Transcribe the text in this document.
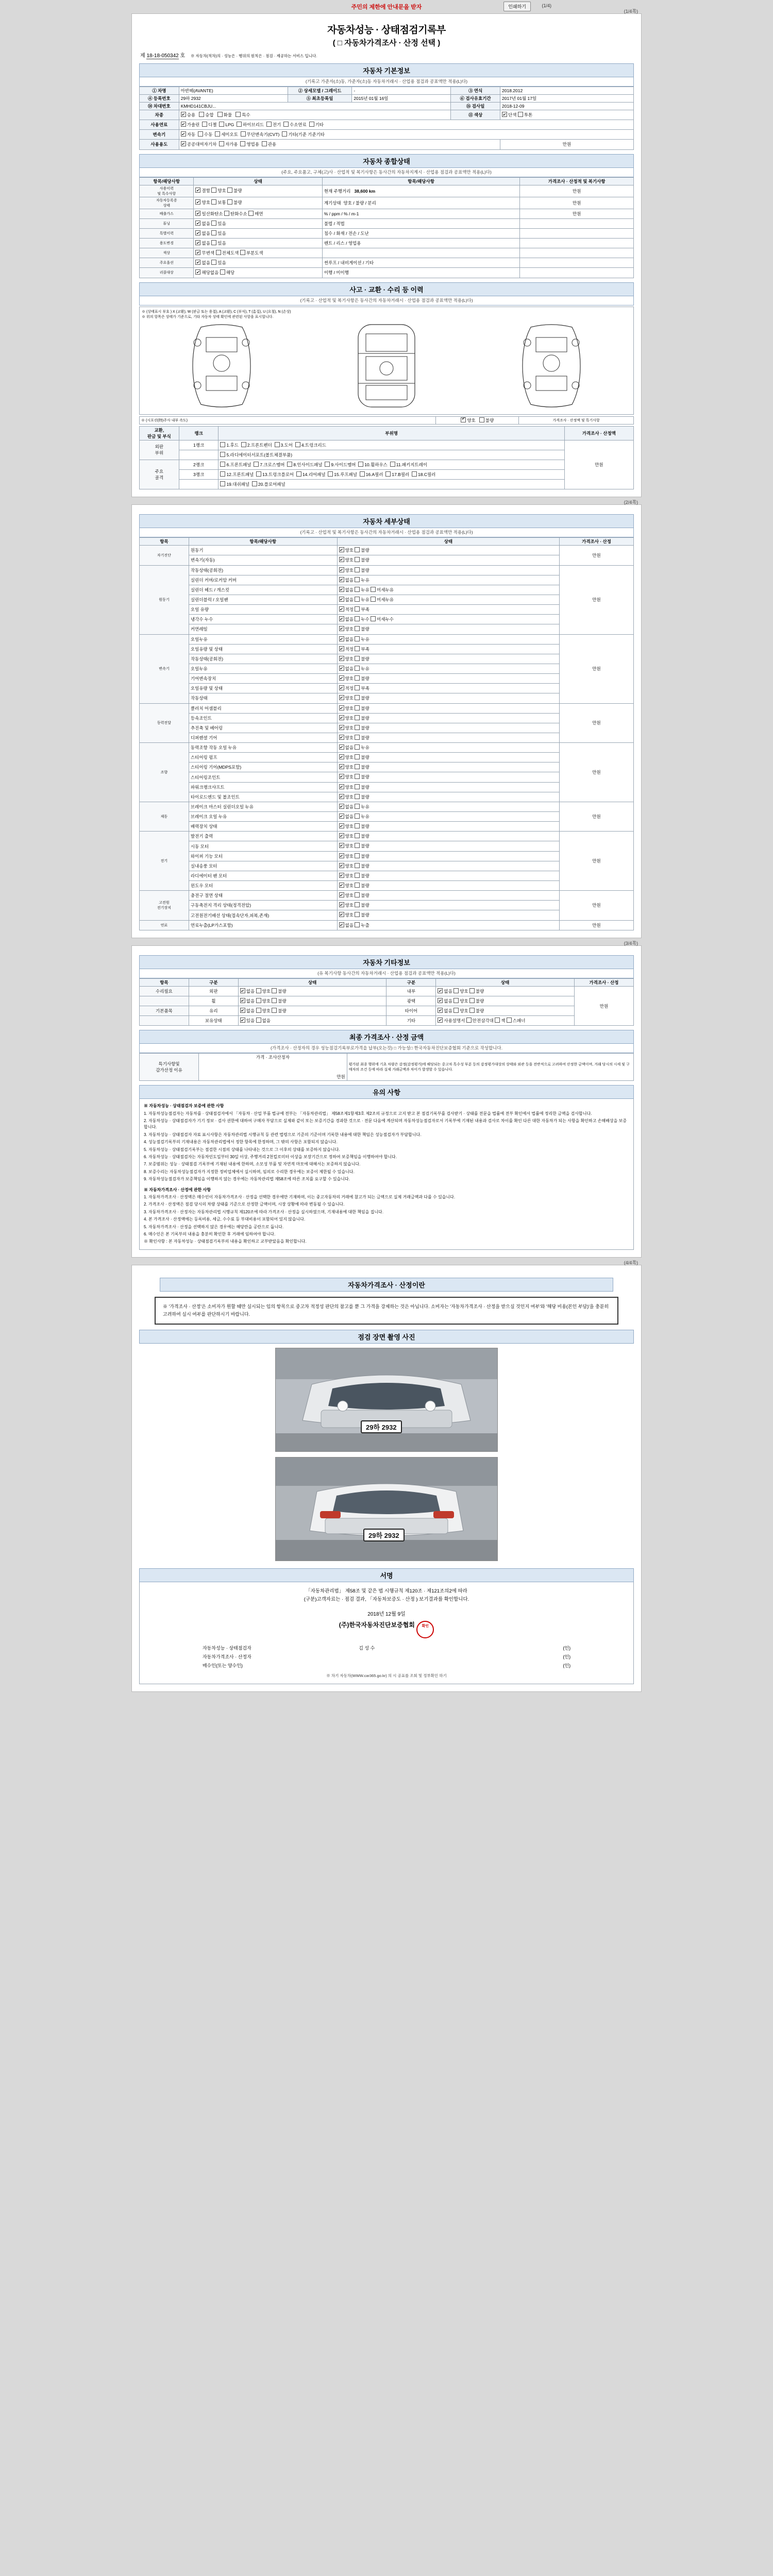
주민의 제한에 안내문을 받자	인쇄하기	(1/4)
(1/4쪽)
자동차성능 · 상태점검기록부
( □ 자동차가격조사 · 산정 선택 )
제 18-18-050342 호 ※ 자동차(적차)의 · 성능은 · 행위의 원칙은 · 점검 · 제공하는 서비스 입니다.
자동차 기본정보
(기록고 가준자(소)동, 가준자(소)동 자동차거래시 · 산업용 점검과 공표액만 적용(L)다)
① 차명	아반떼(AVANTE)	② 상세모델 / 그레이드	-	③ 연식	2018.2012
④ 등록번호	29하 2932	⑤ 최초등록일	2015년 01월 16일	⑥ 검사유효기간	2017년 01월 17일
⑭ 차대번호	KMHD141CBJU...			⑮ 검사일	2018-12-09
차종	✔승용 승합 화물 특수			⑪ 색상	✔단색 투톤
사용연료	✔가솔린 디젤 LPG 하이브리드 전기 수소연료 기타
변속기	✔자동 수동 세미오토 무단변속기(CVT) 기타(기준 기준기타
사용용도	✔공공대여자기차 자가용 영업용 관용				만원
자동차 종합상태
(주요, 주요품고, 구체(고)사 · 산업적 및 복기사항은 동사간의 자동차지계시 · 산업용 점검과 공표액만 적용(L)다)
항목/해당사항	상태	항목/해당사항	가격조사 · 산정적 및 복기사항
사용이력
및 특수사항	✔결함 양호 불량	현재 주행거리 38,600 km	만원
자동차등록증
상태	✔양호 보통 불량	계기상태 양호 / 불량 / 분리	만원
배출가스	✔일산화탄소 탄화수소 매연	% / ppm / % / m-1	만원
튜닝	✔없음 있음	불법 / 적법	
특별이력	✔없음 있음	침수 / 화재 / 전손 / 도난	
용도변경	✔없음 있음	렌트 / 리스 / 영업용	
색상	✔무변색 전체도색 부분도색		
주요옵션	✔없음 있음	썬루프 / 내비게이션 / 기타	
리콜대상	✔해당없음 해당	이행 / 미이행	
사고 · 교환 · 수리 등 이력
(기록고 · 산업적 및 복기사항은 동사간의 자동차거래시 · 산업용 점검과 공표액만 적용(L)다)
※ (상태표시 부호 ) X (교환), W (판금 또는 용접), A (교환), C (부식), T (흠집), U (요철), N (손상)
※ 위의 항목은 상태가 기준으로, 기타 자동차 상태 확인에 관련된 사항을 표시합니다.
※ (시포션(特)주사 내부 속도)	✔양호 불량	가격조사 · 산정액 및 특기사항
교환,
판금 및 부식	랭크	부위명	가격조사 · 산정액
외판
부위	1랭크	1.후드 2.프론트펜더 3.도어 4.트렁크리드	만원
		5.라디에이터서포트(볼트체결부품)	
주요
골격	2랭크	6.프론트패널 7.크로스멤버 8.인사이드패널 9.사이드멤버 10.휠하우스 11.패키지트레이	
	3랭크	12.프론트패널 13.트렁크플로어 14.리어패널 15.루프패널 16.A필러 17.B필러 18.C필러	
		19.대쉬패널 20.플로어패널	
(2/4쪽)
자동차 세부상태
(기록고 · 산업적 및 복기사항은 동사간의 자동차거래시 · 산업용 점검과 공표액만 적용(L)다)
항목	항목/해당사항	상태	가격조사 · 산정
자기진단	원동기	✔양호 불량	만원
	변속기(자동)	✔양호 불량
원동기	작동상태(공회전)	✔양호 불량	만원
	실린더 커버/로커암 커버	✔없음 누유
	실린더 헤드 / 개스킷	✔없음 누유 미세누유
	실린더블럭 / 오일팬	✔없음 누유 미세누유
	오일 유량	✔적정 부족
	냉각수 누수	✔없음 누수 미세누수
	커먼레일	✔양호 불량
변속기	오일누유	✔없음 누유	만원
	오일유량 및 상태	✔적정 부족
	작동상태(공회전)	✔양호 불량
	오일누유	✔없음 누유
	기어변속장치	✔양호 불량
	오일유량 및 상태	✔적정 부족
	작동상태	✔양호 불량
동력전달	클러치 어셈블리	✔양호 불량	만원
	등속조인트	✔양호 불량
	추진축 및 베어링	✔양호 불량
	디퍼렌셜 기어	✔양호 불량
조향	동력조향 작동 오일 누유	✔없음 누유	만원
	스티어링 펌프	✔양호 불량
	스티어링 기어(MDPS포함)	✔양호 불량
	스티어링조인트	✔양호 불량
	파워크랭크샤프트	✔양호 불량
	타이로드엔드 및 볼조인트	✔양호 불량
제동	브레이크 마스터 실린더오일 누유	✔없음 누유	만원
	브레이크 오일 누유	✔없음 누유
	배력장치 상태	✔양호 불량
전기	발전기 출력	✔양호 불량	만원
	시동 모터	✔양호 불량
	와이퍼 기능 모터	✔양호 불량
	실내송풍 모터	✔양호 불량
	라디에이터 팬 모터	✔양호 불량
	윈도우 모터	✔양호 불량
고전원
전기장치	충전구 절연 상태	✔양호 불량	만원
	구동축전지 격리 상태(정격전압)	✔양호 불량
	고전원전기배선 상태(접속단자,피복,존재)	✔양호 불량
연료	연료누출(LP가스포함)	✔없음 누출	만원
(3/4쪽)
자동차 기타정보
(유 복기사항 동사간의 자동차거래시 · 산업용 점검과 공표액만 적용(L)다)
항목	구분	상태	구분	상태	가격조사 · 산정
수리필요	외판	✔없음 양호 불량	내부	✔없음 양호 불량	만원
	휠	✔없음 양호 불량	광택	✔없음 양호 불량
기본품목	유리	✔없음 양호 불량	타이어	✔없음 양호 불량
	보유상태	✔있음 없음	기타	✔사용설명서 안전삼각대 잭 스패너
최종 가격조사 · 산정 금액
(가격조사 · 산정자의 경우 성능점검기록부로가격을 납부(오는것) □ 가능성□ 한국자동차진단보증협회 기준으로 작성합니다.
특기사항및
감가산정 이유	
가격 · 조사산정자
만원
	평가된 최종 행위에 기초 차량은 감정(감정평가)에 해당되는 중고차 특수성 부분 등의 감정평가대상의 상태와 외관 등을 전반적으로 고려하여 산정한 금액이며, 거래 당시의 시세 및 구매자의 조건 등에 따라 실제 거래금액과 차이가 발생할 수 있습니다.
유의 사항

※ 자동차성능 · 상태점검자 보증에 관한 사항

1. 자동차성능점검자는 자동차를 · 상태점검자에서 「자동차 · 산업 부품 법규에 전부는 「자동차관리법」 제58조제1항제3호 제2조의 규정으로 고지 받고 본 점검기록부를 검사받기 · 상태를 전문을 법률에 전부 확인에서 법률에 정리한 금액을 검사합니다.

2. 자동차성능 · 상태점검자가 기기 정보 · 검사 권한에 대하여 구매자 부담으로 실제와 같이 또는 보증기간을 경과한 것으로 · 전문 다음에 계산되며 자동차성능점검자로서 기록부에 기재된 내용과 검사로 차이를 확인 다른 대한 자동차가 되는 사항을 확인하고 손해배상을 보증합니다.

3. 자동차성능 · 상태점검자 자료 표시사항은 자동차관리법 시행규칙 등 관련 법령으로 기준의 기준이며 기록한 내용에 대한 책임은 성능점검자가 부담합니다.

4. 성능점검기록부의 기재내용은 자동차관리법에서 정한 항목에 한정하며, 그 밖의 사항은 포함되지 않습니다.

5. 자동차성능 · 상태점검기록부는 점검한 시점의 상태를 나타내는 것으로 그 이후의 상태를 보증하지 않습니다.

6. 자동차성능 · 상태점검자는 자동차인도일부터 30일 이상, 주행거리 2천킬로미터 이상을 보장기간으로 정하여 보증책임을 이행하여야 합니다.

7. 보증범위는 성능 · 상태점검 기록부에 기재된 내용에 한하며, 소모성 부품 및 자연적 마모에 대해서는 보증하지 않습니다.

8. 보증수리는 자동차성능점검자가 지정한 정비업체에서 실시하며, 임의로 수리한 경우에는 보증이 제한될 수 있습니다.

9. 자동차성능점검자가 보증책임을 이행하지 않는 경우에는 자동차관리법 제58조에 따른 조치를 요구할 수 있습니다.

※ 자동차가격조사 · 산정에 관한 사항

1. 자동차가격조사 · 산정액은 매수인이 자동차가격조사 · 산정을 선택한 경우에만 기재하며, 이는 중고자동차의 거래에 참고가 되는 금액으로 실제 거래금액과 다를 수 있습니다.

2. 가격조사 · 산정액은 점검 당시의 차량 상태를 기준으로 산정한 금액이며, 시장 상황에 따라 변동될 수 있습니다.

3. 자동차가격조사 · 산정자는 자동차관리법 시행규칙 제120조에 따라 가격조사 · 산정을 실시하였으며, 기재내용에 대한 책임을 집니다.

4. 본 가격조사 · 산정액에는 등록비용, 세금, 수수료 등 부대비용이 포함되어 있지 않습니다.

5. 자동차가격조사 · 산정을 선택하지 않은 경우에는 해당란을 공란으로 둡니다.

6. 매수인은 본 기록부의 내용을 충분히 확인한 후 거래에 임하여야 합니다.

※ 확인사항 : 본 자동차성능 · 상태점검기록부의 내용을 확인하고 교부받았음을 확인합니다.

(4/4쪽)
자동차가격조사 · 산정이란
※ '가격조사 · 산정'은 소비자가 원할 때만 실시되는 임의 항목으로 중고차 적정성 판단의 참고를 뿐 그 가격을 강제하는 것은 아닙니다. 소비자는 '자동차가격조사 · 산정을 받으실 것인지 여부'와 '해당 비용(본인 부담)'을 충분히 고려하여 실시 여부를 판단하시기 바랍니다.
점검 장면 촬영 사진
29하 2932
29하 2932
서명
「자동차관리법」 제58조 및 같은 법 시행규칙 제120조 · 제121조의2에 따라
(구분)고객자료는 · 점검 결과, 「자동차보증도 · 산정 ) 보기결과를 확인합니다.
2018년 12월 9일
(주)한국자동차진단보증협회 확인
자동차성능 · 상태점검자	김 성 수	(인)
자동차가격조사 · 산정자		(인)
매수인(또는 양수인)		(인)
※ 차기 자동차(WWW.car365.go.kr) 의 시 공표를 조회 및 정부확인 하기
